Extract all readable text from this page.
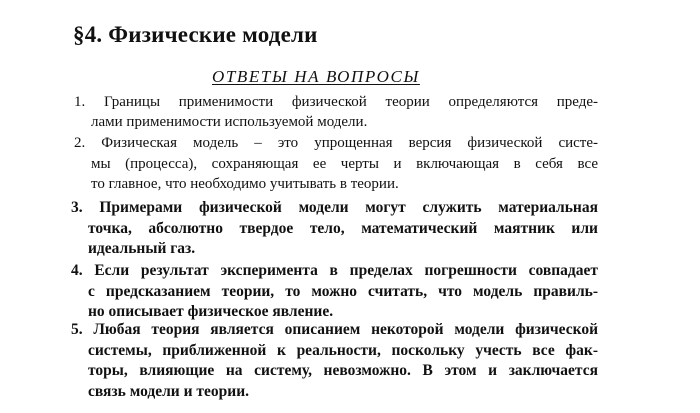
§4. Физические модели
ОТВЕТЫ НА ВОПРОСЫ
1. Границы применимости физической теории определяются преде-
лами применимости используемой модели.
2. Физическая модель – это упрощенная версия физической систе-
мы (процесса), сохраняющая ее черты и включающая в себя все
то главное, что необходимо учитывать в теории.
3. Примерами физической модели могут служить материальная
точка, абсолютно твердое тело, математический маятник или
идеальный газ.
4. Если результат эксперимента в пределах погрешности совпадает
с предсказанием теории, то можно считать, что модель правиль-
но описывает физическое явление.
5. Любая теория является описанием некоторой модели физической
системы, приближенной к реальности, поскольку учесть все фак-
торы, влияющие на систему, невозможно. В этом и заключается
связь модели и теории.
